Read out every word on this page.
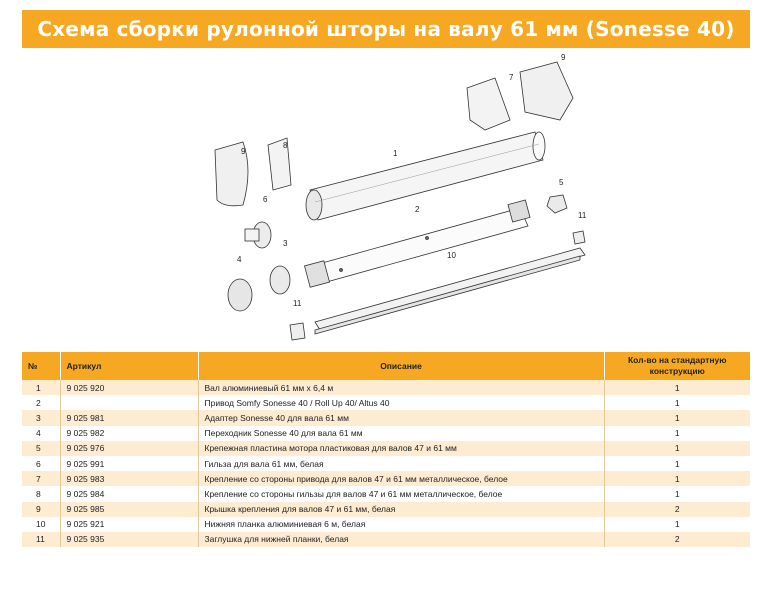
Схема сборки рулонной шторы на валу 61 мм (Sonesse 40)
1
2
3
4
5
6
7
8
9
9
10
11
11
№	Артикул	Описание	Кол-во на стандартную конструкцию
1	9 025 920	Вал алюминиевый 61 мм х 6,4 м	1
2		Привод Somfy Sonesse 40 / Roll Up 40/ Altus 40	1
3	9 025 981	Адаптер Sonesse 40 для вала 61 мм	1
4	9 025 982	Переходник Sonesse 40 для вала 61 мм	1
5	9 025 976	Крепежная пластина мотора пластиковая для валов 47 и 61 мм	1
6	9 025 991	Гильза для вала 61 мм, белая	1
7	9 025 983	Крепление со стороны привода для валов 47 и 61 мм металлическое, белое	1
8	9 025 984	Крепление со стороны гильзы для валов 47 и 61 мм металлическое, белое	1
9	9 025 985	Крышка крепления для валов 47 и 61 мм, белая	2
10	9 025 921	Нижняя планка алюминиевая 6 м, белая	1
11	9 025 935	Заглушка для нижней планки, белая	2
